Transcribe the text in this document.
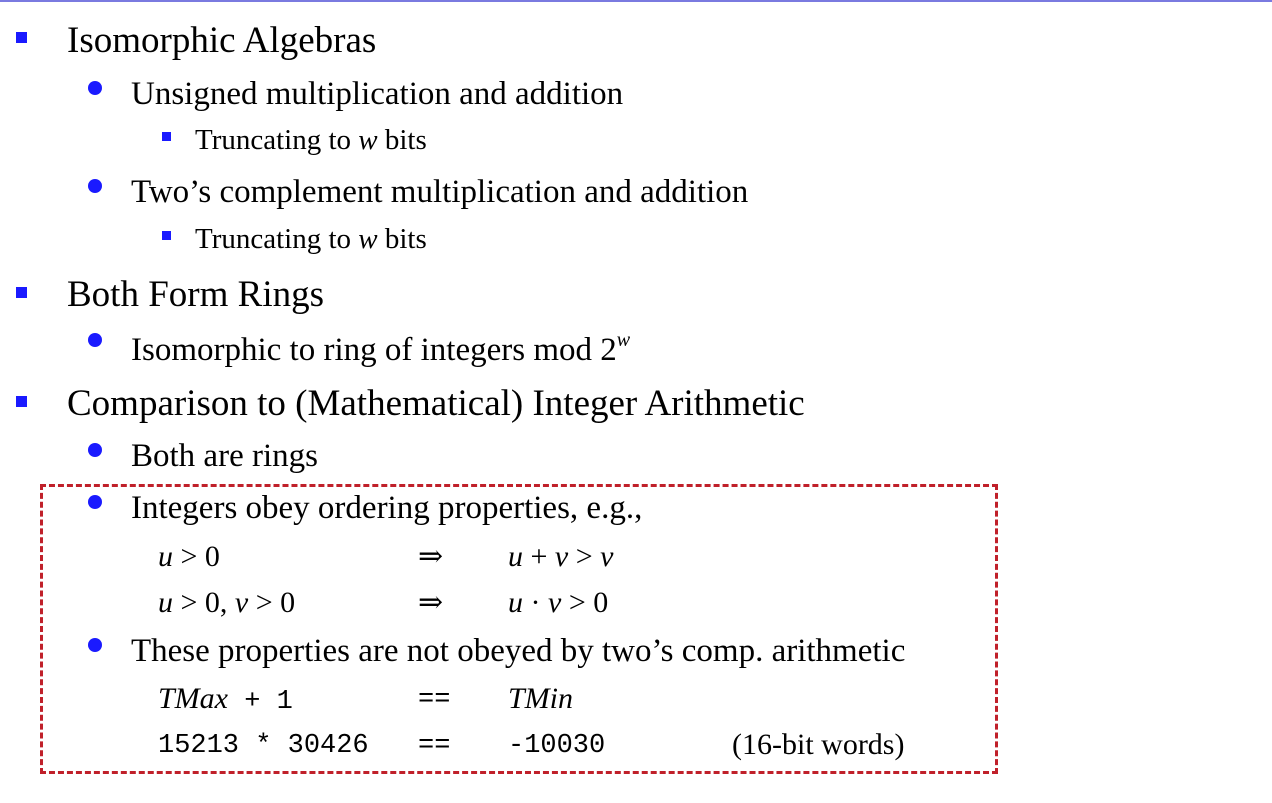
Isomorphic Algebras
Unsigned multiplication and addition
Truncating to w bits
Two’s complement multiplication and addition
Truncating to w bits
Both Form Rings
Isomorphic to ring of integers mod 2$^w$
Comparison to (Mathematical) Integer Arithmetic
Both are rings
Integers obey ordering properties, e.g.,
u > 0	⇒ u + v > v
u > 0, v > 0	⇒ u · v > 0
These properties are not obeyed by two’s comp. arithmetic
TMax + 1	== TMin
15213 * 30426 == -10030	(16-bit words)
